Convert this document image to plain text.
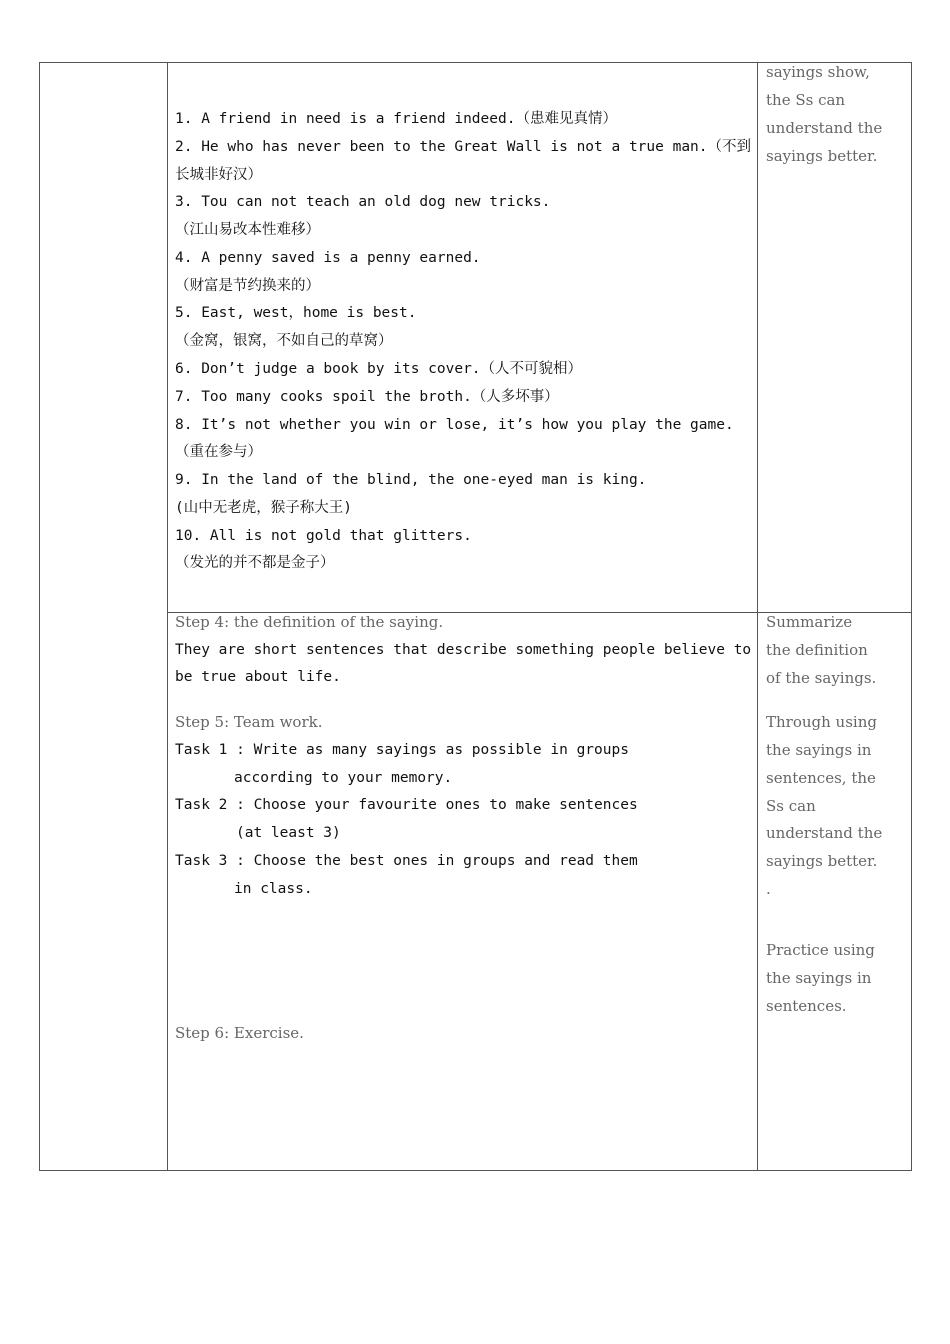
1. A friend in need is a friend indeed.（患难见真情）
2. He who has never been to the Great Wall is not a true man.（不到
长城非好汉）
3. Tou can not teach an old dog new tricks.
（江山易改本性难移）
4. A penny saved is a penny earned.
（财富是节约换来的）
5. East, west，home is best.
（金窝，银窝，不如自己的草窝）
6. Don’t judge a book by its cover.（人不可貌相）
7. Too many cooks spoil the broth.（人多坏事）
8. It’s not whether you win or lose, it’s how you play the game.
（重在参与）
9. In the land of the blind, the one-eyed man is king.
(山中无老虎，猴子称大王)
10. All is not gold that glitters.
（发光的并不都是金子）
sayings show,
the Ss can
understand the
sayings better.
Step 4: the definition of the saying.
They are short sentences that describe something people believe to
be true about life.
Step 5: Team work.
Task 1 : Write as many sayings as possible in groups
according to your memory.
Task 2 : Choose your favourite ones to make sentences
(at least 3)
Task 3 : Choose the best ones in groups and read them
in class.
Step 6: Exercise.
Summarize
the definition
of the sayings.
Through using
the sayings in
sentences, the
Ss can
understand the
sayings better.
.
Practice using
the sayings in
sentences.
